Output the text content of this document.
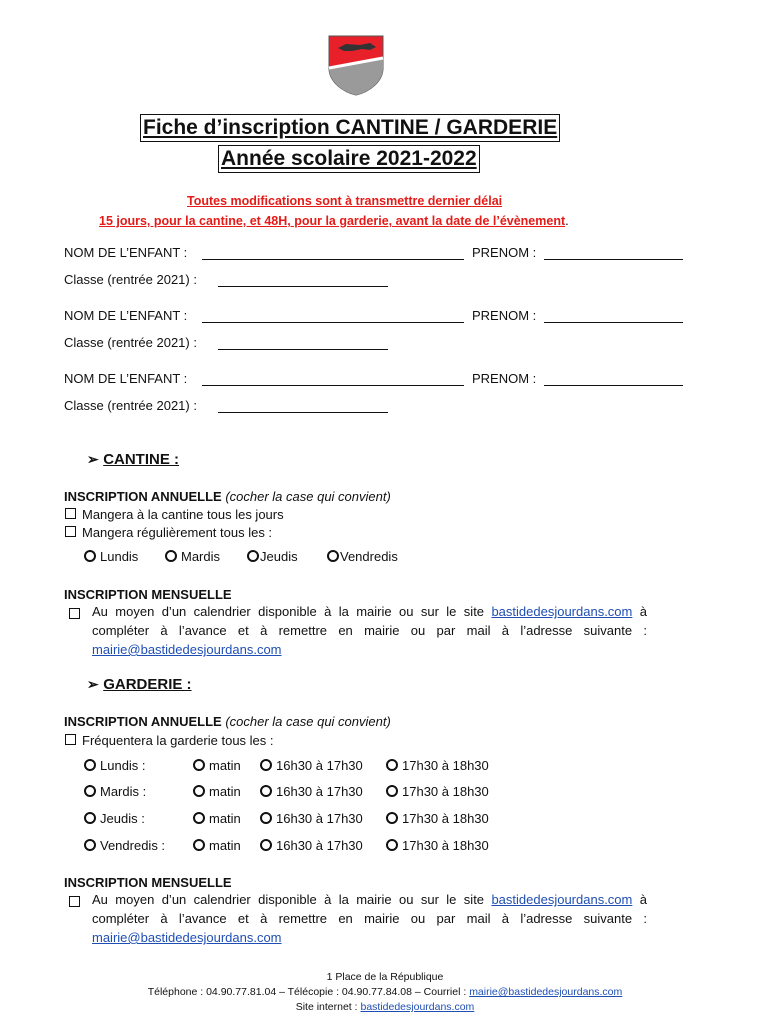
Fiche d’inscription CANTINE / GARDERIE
Année scolaire 2021-2022
Toutes modifications sont à transmettre dernier délai
15 jours, pour la cantine, et 48H, pour la garderie, avant la date de l’évènement.
NOM DE L’ENFANT :	PRENOM :
Classe (rentrée 2021) :
NOM DE L’ENFANT :	PRENOM :
Classe (rentrée 2021) :
NOM DE L’ENFANT :	PRENOM :
Classe (rentrée 2021) :
➢ CANTINE :
INSCRIPTION ANNUELLE (cocher la case qui convient)
Mangera à la cantine tous les jours
Mangera régulièrement tous les :
Lundis	Mardis	Jeudis	Vendredis
INSCRIPTION MENSUELLE
Au moyen d’un calendrier disponible à la mairie ou sur le site bastidedesjourdans.com à compléter à l’avance et à remettre en mairie ou par mail à l’adresse suivante : mairie@bastidedesjourdans.com
➢ GARDERIE :
INSCRIPTION ANNUELLE (cocher la case qui convient)
Fréquentera la garderie tous les :
Lundis :	matin	16h30 à 17h30	17h30 à 18h30
Mardis :	matin	16h30 à 17h30	17h30 à 18h30
Jeudis :	matin	16h30 à 17h30	17h30 à 18h30
Vendredis :	matin	16h30 à 17h30	17h30 à 18h30
INSCRIPTION MENSUELLE
Au moyen d’un calendrier disponible à la mairie ou sur le site bastidedesjourdans.com à compléter à l’avance et à remettre en mairie ou par mail à l’adresse suivante : mairie@bastidedesjourdans.com
1 Place de la République
Téléphone : 04.90.77.81.04 – Télécopie : 04.90.77.84.08 – Courriel : mairie@bastidedesjourdans.com
Site internet : bastidedesjourdans.com
